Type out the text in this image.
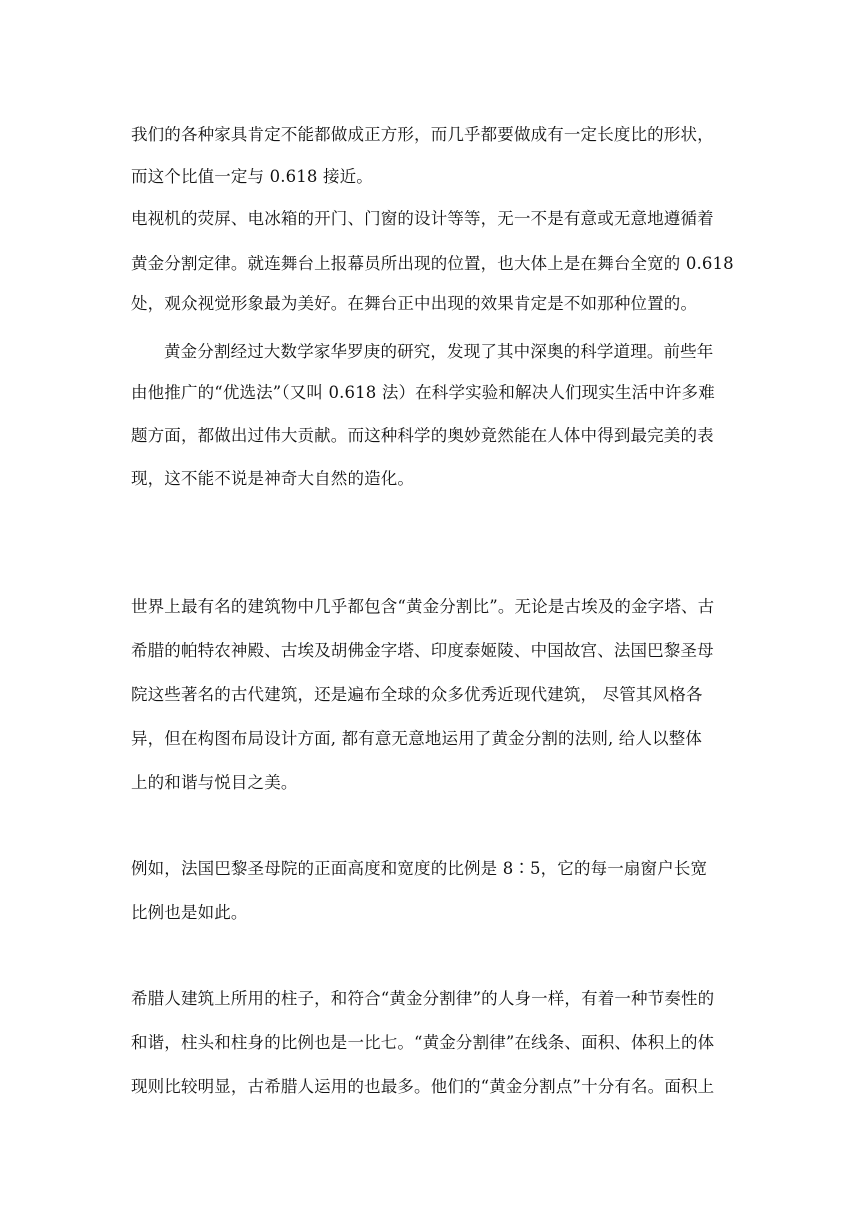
我们的各种家具肯定不能都做成正方形，而几乎都要做成有一定长度比的形状，
而这个比值一定与 0.618 接近。
电视机的荧屏、电冰箱的开门、门窗的设计等等，无一不是有意或无意地遵循着
黄金分割定律。就连舞台上报幕员所出现的位置，也大体上是在舞台全宽的 0.618
处，观众视觉形象最为美好。在舞台正中出现的效果肯定是不如那种位置的。
黄金分割经过大数学家华罗庚的研究，发现了其中深奥的科学道理。前些年
由他推广的“优选法”（又叫 0.618 法）在科学实验和解决人们现实生活中许多难
题方面，都做出过伟大贡献。而这种科学的奥妙竟然能在人体中得到最完美的表
现，这不能不说是神奇大自然的造化。
世界上最有名的建筑物中几乎都包含“黄金分割比”。无论是古埃及的金字塔、古
希腊的帕特农神殿、古埃及胡佛金字塔、印度泰姬陵、中国故宫、法国巴黎圣母
院这些著名的古代建筑，还是遍布全球的众多优秀近现代建筑， 尽管其风格各
异，但在构图布局设计方面, 都有意无意地运用了黄金分割的法则, 给人以整体
上的和谐与悦目之美。
例如，法国巴黎圣母院的正面高度和宽度的比例是 8∶5，它的每一扇窗户长宽
比例也是如此。
希腊人建筑上所用的柱子，和符合“黄金分割律”的人身一样，有着一种节奏性的
和谐，柱头和柱身的比例也是一比七。“黄金分割律”在线条、面积、体积上的体
现则比较明显，古希腊人运用的也最多。他们的“黄金分割点”十分有名。面积上
